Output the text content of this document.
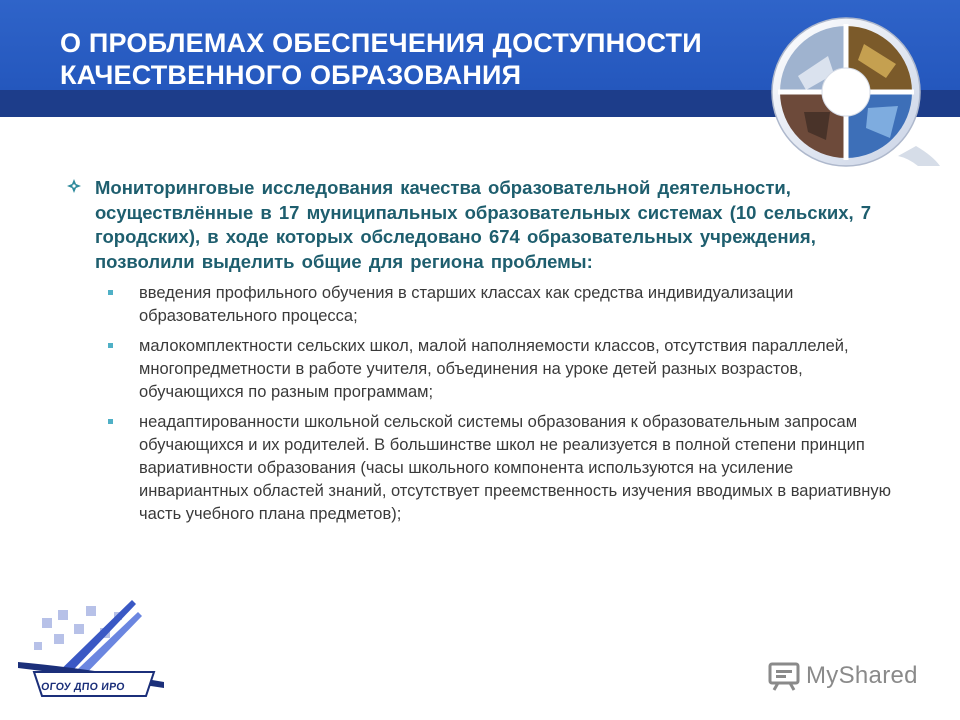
О ПРОБЛЕМАХ ОБЕСПЕЧЕНИЯ ДОСТУПНОСТИ КАЧЕСТВЕННОГО ОБРАЗОВАНИЯ

Мониторинговые исследования качества образовательной деятельности, осуществлённые в 17 муниципальных образовательных системах (10 сельских, 7 городских), в ходе которых обследовано 674 образовательных учреждения, позволили выделить общие для региона проблемы:

введения профильного обучения в старших классах как средства индивидуализации образовательного процесса;
малокомплектности сельских школ, малой наполняемости классов, отсутствия параллелей, многопредметности в работе учителя, объединения на уроке детей разных возрастов, обучающихся по разным программам;
неадаптированности школьной сельской системы образования к образовательным запросам обучающихся и их родителей. В большинстве школ не реализуется в полной степени принцип вариативности образования (часы школьного компонента используются на усиление инвариантных областей знаний, отсутствует преемственность изучения вводимых в вариативную часть учебного плана предметов);
ОГОУ ДПО ИРО	MyShared
